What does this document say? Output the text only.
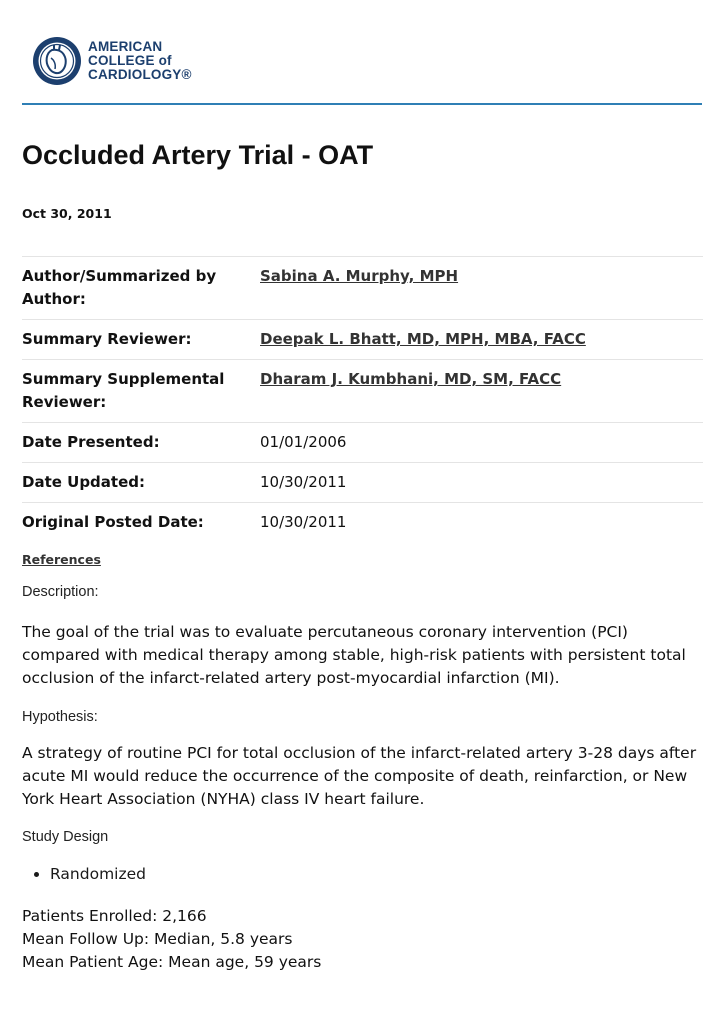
AMERICAN
COLLEGE of
CARDIOLOGY®
Occluded Artery Trial - OAT
Oct 30, 2011
Author/Summarized by Author:
Sabina A. Murphy, MPH
Summary Reviewer:	Deepak L. Bhatt, MD, MPH, MBA, FACC
Summary Supplemental Reviewer:
Dharam J. Kumbhani, MD, SM, FACC
Date Presented:	01/01/2006
Date Updated:	10/30/2011
Original Posted Date:	10/30/2011
References
Description:
The goal of the trial was to evaluate percutaneous coronary intervention (PCI) compared with medical therapy among stable, high-risk patients with persistent total occlusion of the infarct-related artery post-myocardial infarction (MI).
Hypothesis:
A strategy of routine PCI for total occlusion of the infarct-related artery 3-28 days after acute MI would reduce the occurrence of the composite of death, reinfarction, or New York Heart Association (NYHA) class IV heart failure.
Study Design
• Randomized
Patients Enrolled: 2,166
Mean Follow Up: Median, 5.8 years
Mean Patient Age: Mean age, 59 years
